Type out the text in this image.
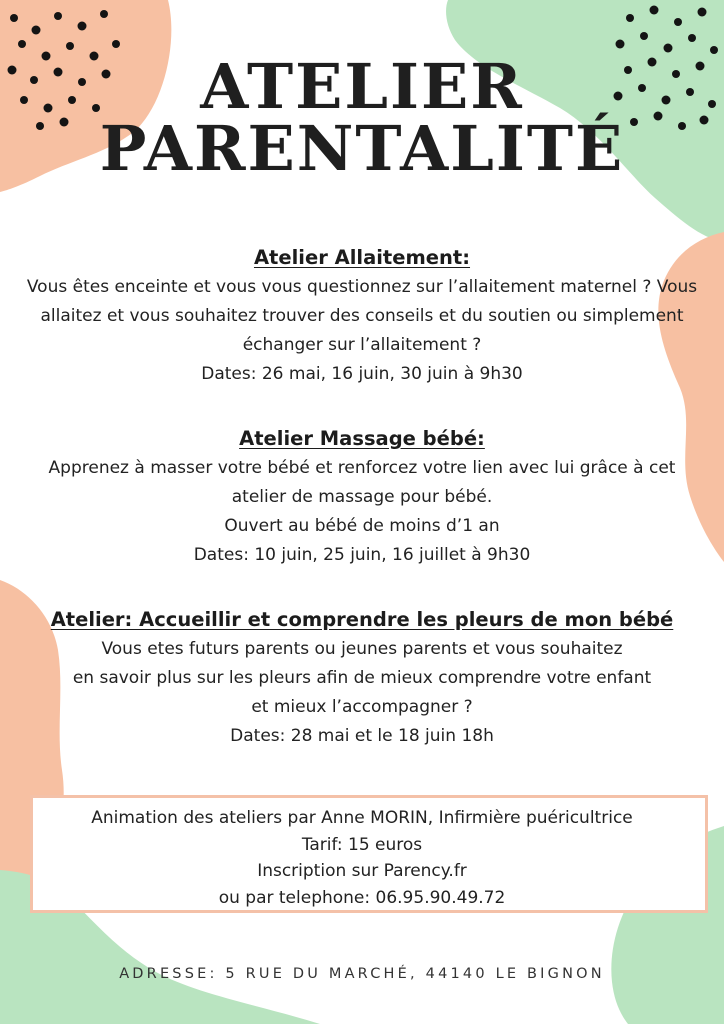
ATELIER
PARENTALITÉ
Atelier Allaitement:

Vous êtes enceinte et vous vous questionnez sur l’allaitement maternel ? Vous

allaitez et vous souhaitez trouver des conseils et du soutien ou simplement

échanger sur l’allaitement ?

Dates: 26 mai, 16 juin, 30 juin à 9h30

Atelier Massage bébé:

Apprenez à masser votre bébé et renforcez votre lien avec lui grâce à cet

atelier de massage pour bébé.

Ouvert au bébé de moins d’1 an

Dates: 10 juin, 25 juin, 16 juillet à 9h30

Atelier: Accueillir et comprendre les pleurs de mon bébé

Vous etes futurs parents ou jeunes parents et vous souhaitez

en savoir plus sur les pleurs afin de mieux comprendre votre enfant

et mieux l’accompagner ?

Dates: 28 mai et le 18 juin 18h

Animation des ateliers par Anne MORIN, Infirmière puéricultrice

Tarif: 15 euros

Inscription sur Parency.fr

ou par telephone: 06.95.90.49.72

ADRESSE: 5 RUE DU MARCHÉ, 44140 LE BIGNON
